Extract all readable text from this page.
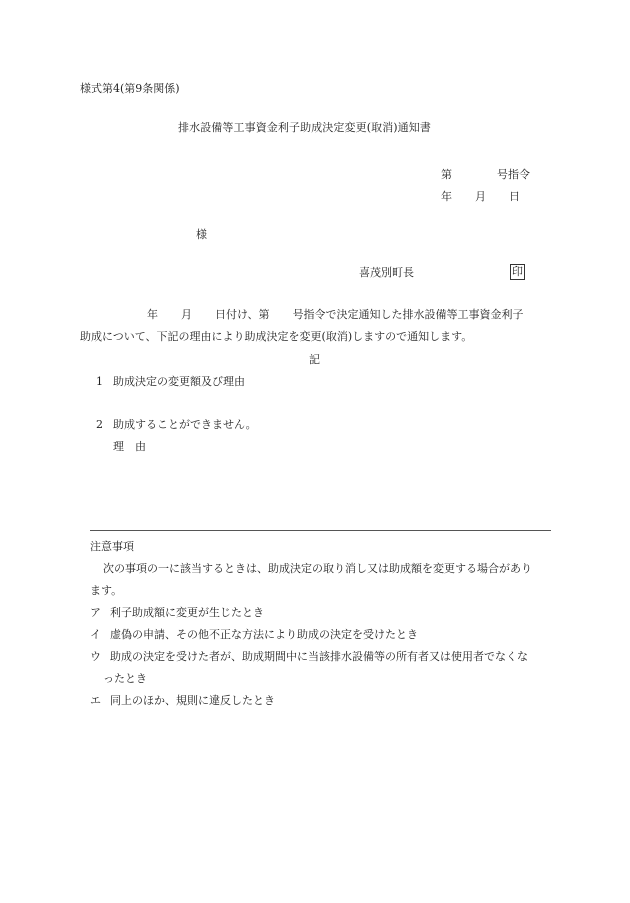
様式第4(第9条関係)
排水設備等工事資金利子助成決定変更(取消)通知書
第	号指令
年 月 日
様
喜茂別町長	印
年 月 日付け、第 号指令で決定通知した排水設備等工事資金利子
助成について、下記の理由により助成決定を変更(取消)しますので通知します。
記
1 助成決定の変更額及び理由
2 助成することができません。
理　由
注意事項
次の事項の一に該当するときは、助成決定の取り消し又は助成額を変更する場合があり
ます。
ア 利子助成額に変更が生じたとき
イ 虚偽の申請、その他不正な方法により助成の決定を受けたとき
ウ 助成の決定を受けた者が、助成期間中に当該排水設備等の所有者又は使用者でなくな
ったとき
エ 同上のほか、規則に違反したとき
